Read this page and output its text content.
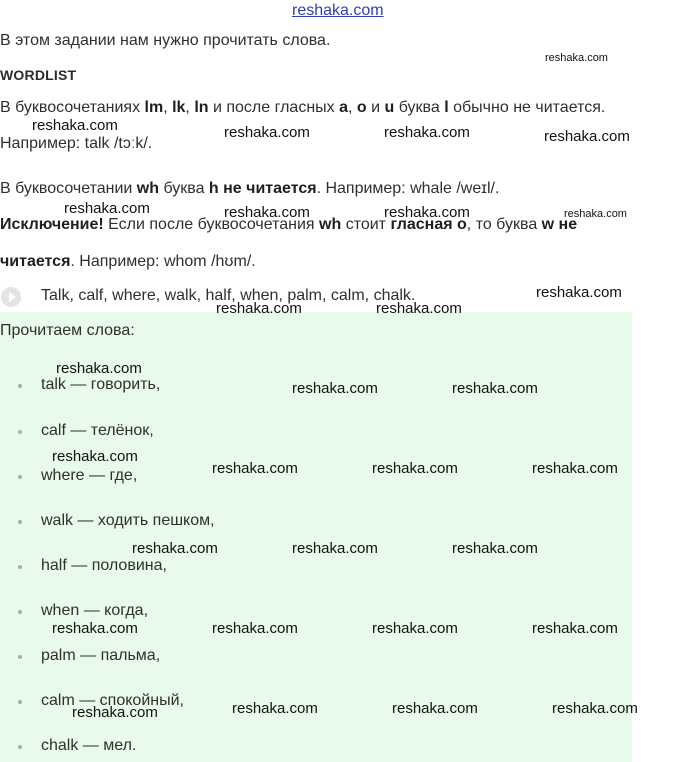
reshaka.com
В этом задании нам нужно прочитать слова.
WORDLIST
В буквосочетаниях lm, lk, ln и после гласных a, o и u буква l обычно не читается.
Например: talk /tɔːk/.
В буквосочетании wh буква h не читается. Например: whale /weɪl/.
Исключение! Если после буквосочетания wh стоит гласная o, то буква w не
читается. Например: whom /hʊm/.
Talk, calf, where, walk, half, when, palm, calm, chalk.
Прочитаем слова:
talk — говорить,
calf — телёнок,
where — где,
walk — ходить пешком,
half — половина,
when — когда,
palm — пальма,
calm — спокойный,
chalk — мел.
reshaka.com
reshaka.com	reshaka.com	reshaka.com	reshaka.com
reshaka.com	reshaka.com	reshaka.com	reshaka.com
reshaka.com
reshaka.com	reshaka.com
reshaka.com
reshaka.com	reshaka.com
reshaka.com
reshaka.com	reshaka.com	reshaka.com
reshaka.com	reshaka.com	reshaka.com
reshaka.com	reshaka.com	reshaka.com	reshaka.com
reshaka.com	reshaka.com	reshaka.com	reshaka.com
